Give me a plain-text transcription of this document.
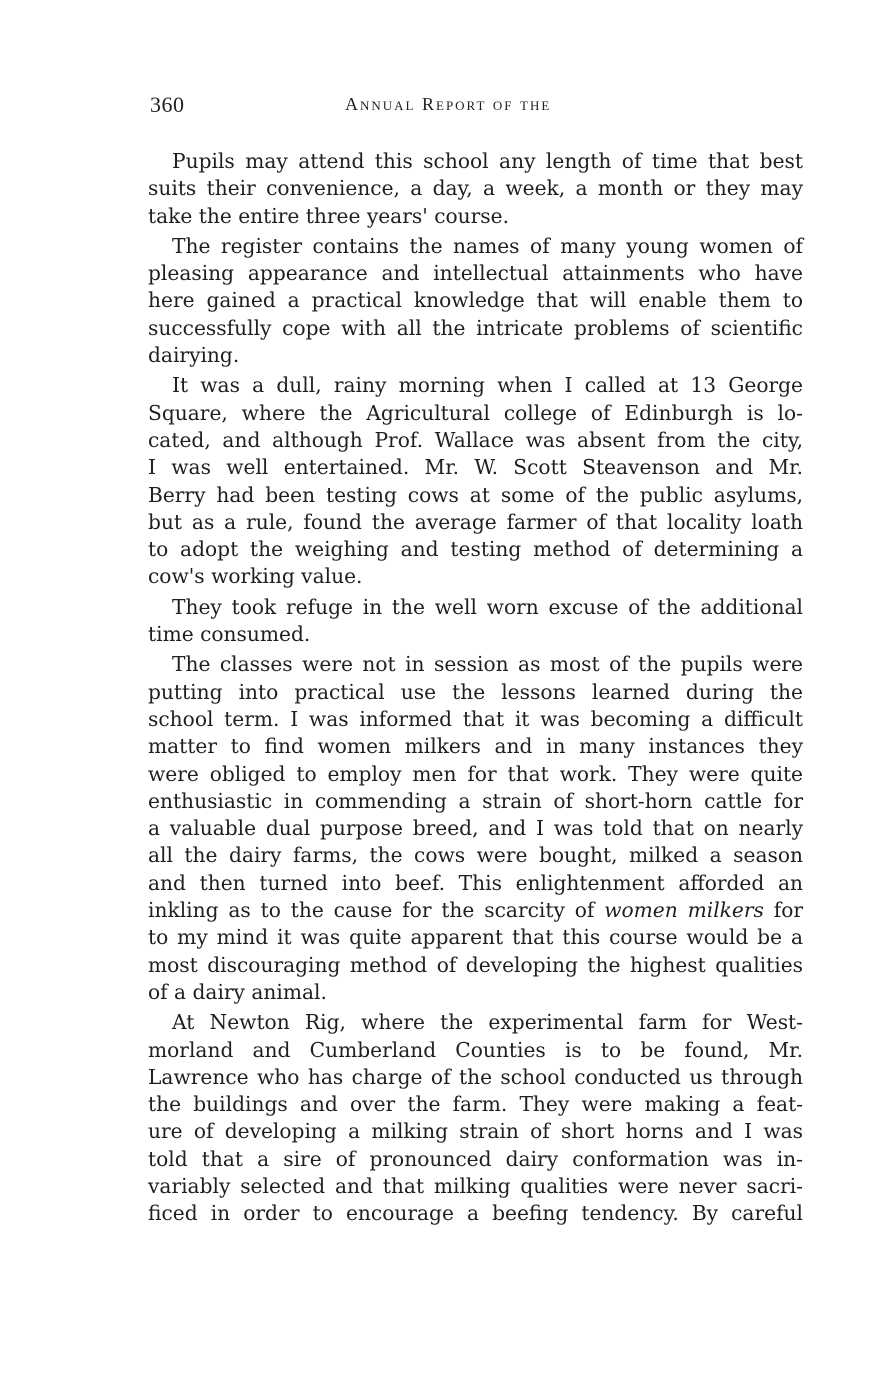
360	Annual Report of the

Pupils may attend this school any length of time that best
suits their convenience, a day, a week, a month or they may
take the entire three years' course.

The register contains the names of many young women of
pleasing appearance and intellectual attainments who have
here gained a practical knowledge that will enable them to
successfully cope with all the intricate problems of scientific
dairying.

It was a dull, rainy morning when I called at 13 George
Square, where the Agricultural college of Edinburgh is lo-
cated, and although Prof. Wallace was absent from the city,
I was well entertained. Mr. W. Scott Steavenson and Mr.
Berry had been testing cows at some of the public asylums,
but as a rule, found the average farmer of that locality loath
to adopt the weighing and testing method of determining a
cow's working value.

They took refuge in the well worn excuse of the additional
time consumed.

The classes were not in session as most of the pupils were
putting into practical use the lessons learned during the
school term. I was informed that it was becoming a difficult
matter to find women milkers and in many instances they
were obliged to employ men for that work. They were quite
enthusiastic in commending a strain of short-horn cattle for
a valuable dual purpose breed, and I was told that on nearly
all the dairy farms, the cows were bought, milked a season
and then turned into beef. This enlightenment afforded an
inkling as to the cause for the scarcity of women milkers for
to my mind it was quite apparent that this course would be a
most discouraging method of developing the highest qualities
of a dairy animal.

At Newton Rig, where the experimental farm for West-
morland and Cumberland Counties is to be found, Mr.
Lawrence who has charge of the school conducted us through
the buildings and over the farm. They were making a feat-
ure of developing a milking strain of short horns and I was
told that a sire of pronounced dairy conformation was in-
variably selected and that milking qualities were never sacri-
ficed in order to encourage a beefing tendency. By careful
